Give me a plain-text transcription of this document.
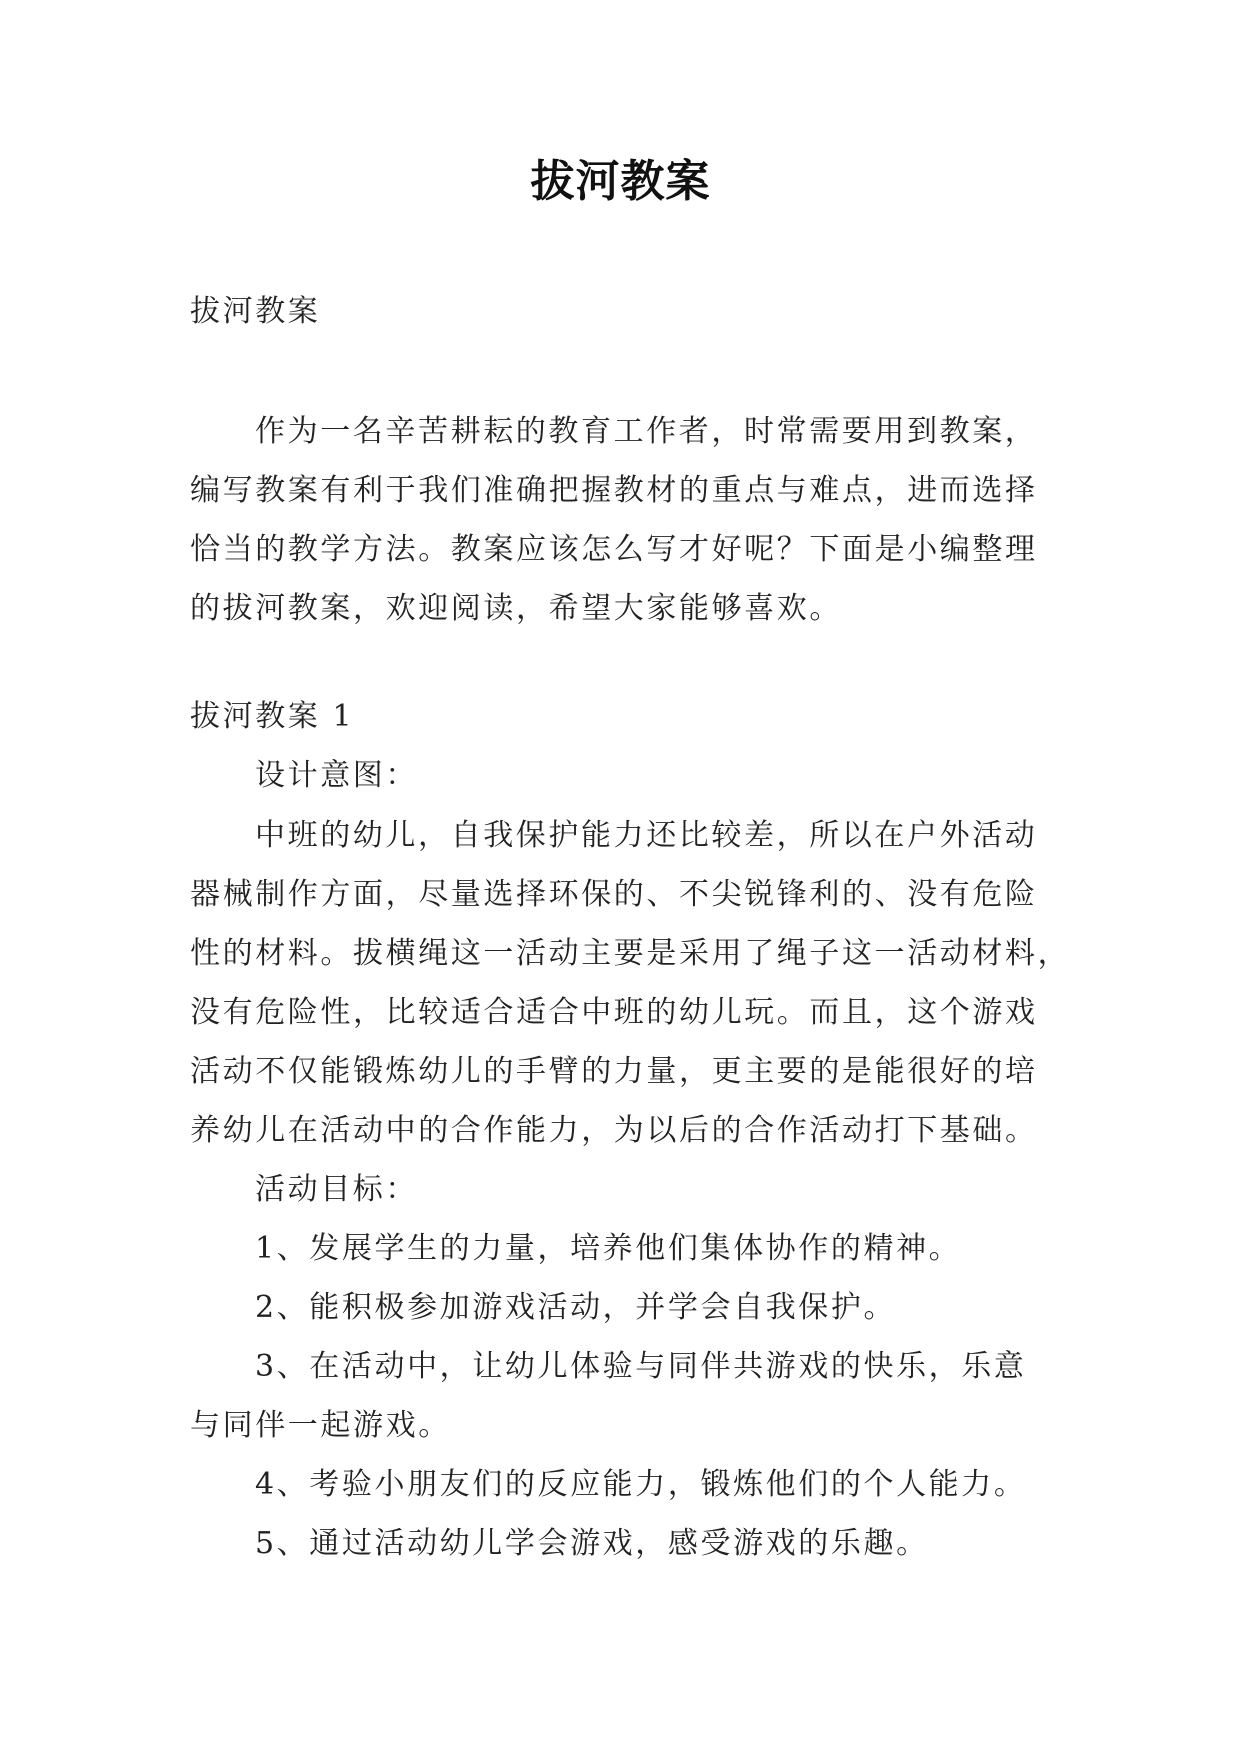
拔河教案

拔河教案

作为一名辛苦耕耘的教育工作者，时常需要用到教案，

编写教案有利于我们准确把握教材的重点与难点，进而选择

恰当的教学方法。教案应该怎么写才好呢？下面是小编整理

的拔河教案，欢迎阅读，希望大家能够喜欢。

拔河教案 1

设计意图：

中班的幼儿，自我保护能力还比较差，所以在户外活动

器械制作方面，尽量选择环保的、不尖锐锋利的、没有危险

性的材料。拔横绳这一活动主要是采用了绳子这一活动材料，

没有危险性，比较适合适合中班的幼儿玩。而且，这个游戏

活动不仅能锻炼幼儿的手臂的力量，更主要的是能很好的培

养幼儿在活动中的合作能力，为以后的合作活动打下基础。

活动目标：

1、发展学生的力量，培养他们集体协作的精神。

2、能积极参加游戏活动，并学会自我保护。

3、在活动中，让幼儿体验与同伴共游戏的快乐，乐意

与同伴一起游戏。

4、考验小朋友们的反应能力，锻炼他们的个人能力。

5、通过活动幼儿学会游戏，感受游戏的乐趣。
